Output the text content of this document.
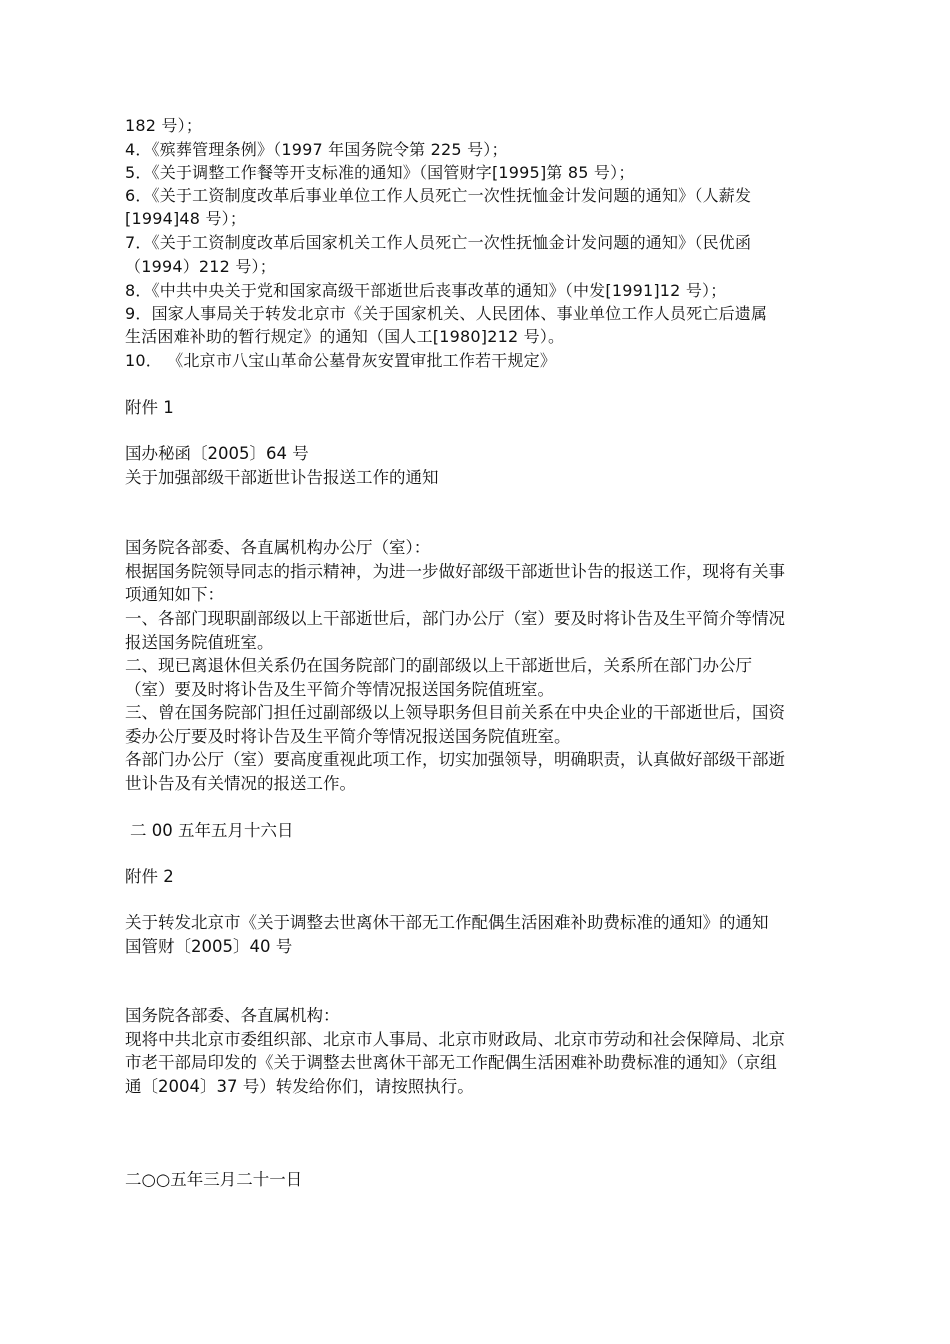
182 号）；
4．《殡葬管理条例》（1997 年国务院令第 225 号）；
5．《关于调整工作餐等开支标准的通知》（国管财字[1995]第 85 号）；
6．《关于工资制度改革后事业单位工作人员死亡一次性抚恤金计发问题的通知》（人薪发
[1994]48 号）；
7．《关于工资制度改革后国家机关工作人员死亡一次性抚恤金计发问题的通知》（民优函
（1994）212 号）；
8．《中共中央关于党和国家高级干部逝世后丧事改革的通知》（中发[1991]12 号）；
9．国家人事局关于转发北京市《关于国家机关、人民团体、事业单位工作人员死亡后遗属
生活困难补助的暂行规定》的通知（国人工[1980]212 号）。
10． 《北京市八宝山革命公墓骨灰安置审批工作若干规定》
附件 1
国办秘函〔2005〕64 号
关于加强部级干部逝世讣告报送工作的通知
国务院各部委、各直属机构办公厅（室）：
根据国务院领导同志的指示精神，为进一步做好部级干部逝世讣告的报送工作，现将有关事
项通知如下：
一、各部门现职副部级以上干部逝世后，部门办公厅（室）要及时将讣告及生平简介等情况
报送国务院值班室。
二、现已离退休但关系仍在国务院部门的副部级以上干部逝世后，关系所在部门办公厅
（室）要及时将讣告及生平简介等情况报送国务院值班室。
三、曾在国务院部门担任过副部级以上领导职务但目前关系在中央企业的干部逝世后，国资
委办公厅要及时将讣告及生平简介等情况报送国务院值班室。
各部门办公厅（室）要高度重视此项工作，切实加强领导，明确职责，认真做好部级干部逝
世讣告及有关情况的报送工作。
二 00 五年五月十六日
附件 2
关于转发北京市《关于调整去世离休干部无工作配偶生活困难补助费标准的通知》的通知
国管财〔2005〕40 号
国务院各部委、各直属机构：
现将中共北京市委组织部、北京市人事局、北京市财政局、北京市劳动和社会保障局、北京
市老干部局印发的《关于调整去世离休干部无工作配偶生活困难补助费标准的通知》（京组
通〔2004〕37 号）转发给你们，请按照执行。
二○○五年三月二十一日
